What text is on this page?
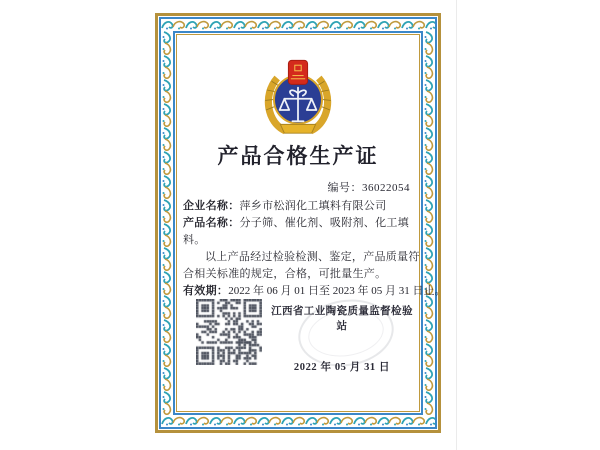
产品合格生产证
编号：36022054
企业名称：萍乡市松润化工填料有限公司
产品名称：分子筛、催化剂、吸附剂、化工填料。

以上产品经过检验检测、鉴定，产品质量符合相关标准的规定，合格，可批量生产。

有效期：2022 年 06 月 01 日至 2023 年 05 月 31 日止。
江西省工业陶瓷质量监督检验站
2022 年 05 月 31 日
